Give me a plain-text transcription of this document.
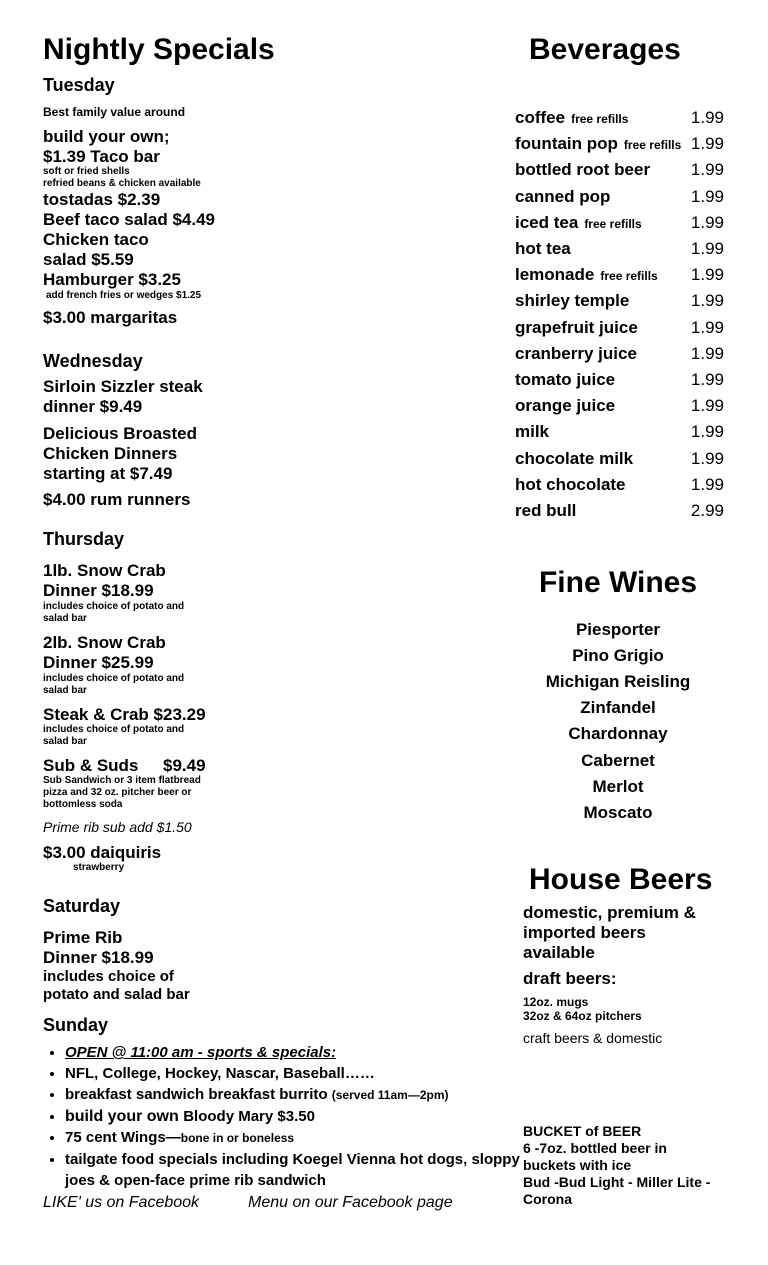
Nightly Specials
Tuesday
Best family value around
build your own;
$1.39 Taco bar
soft or fried shells
refried beans & chicken available
tostadas $2.39
Beef taco salad $4.49
Chicken taco
salad $5.59
Hamburger $3.25
add french fries or wedges $1.25
$3.00 margaritas
Wednesday
Sirloin Sizzler steak
dinner $9.49
Delicious Broasted
Chicken Dinners
starting at $7.49
$4.00 rum runners
Thursday
1lb. Snow Crab
Dinner $18.99
includes choice of potato and
salad bar
2lb. Snow Crab
Dinner $25.99
includes choice of potato and
salad bar
Steak & Crab $23.29
includes choice of potato and
salad bar
Sub & Suds $9.49
Sub Sandwich or 3 item flatbread
pizza and 32 oz. pitcher beer or
bottomless soda
Prime rib sub add $1.50
$3.00 daiquiris
strawberry
Saturday
Prime Rib
Dinner $18.99
includes choice of
potato and salad bar
Sunday
• OPEN @ 11:00 am - sports & specials:
• NFL, College, Hockey, Nascar, Baseball……
• breakfast sandwich breakfast burrito (served 11am—2pm)
• build your own Bloody Mary $3.50
• 75 cent Wings—bone in or boneless
• tailgate food specials including Koegel Vienna hot dogs, sloppy joes & open-face prime rib sandwich
LIKE' us on Facebook	Menu on our Facebook page
Beverages
coffee free refills	1.99
fountain pop free refills 1.99
bottled root beer 1.99
canned pop	1.99
iced tea free refills	1.99
hot tea	1.99
lemonade free refills 1.99
shirley temple	1.99
grapefruit juice	1.99
cranberry juice	1.99
tomato juice	1.99
orange juice	1.99
milk	1.99
chocolate milk	1.99
hot chocolate	1.99
red bull	2.99
Fine Wines
Piesporter
Pino Grigio
Michigan Reisling
Zinfandel
Chardonnay
Cabernet
Merlot
Moscato
House Beers
domestic, premium &
imported beers
available
draft beers:
12oz. mugs
32oz & 64oz pitchers
craft beers & domestic
BUCKET of BEER
6 -7oz. bottled beer in
buckets with ice
Bud -Bud Light - Miller Lite -
Corona
